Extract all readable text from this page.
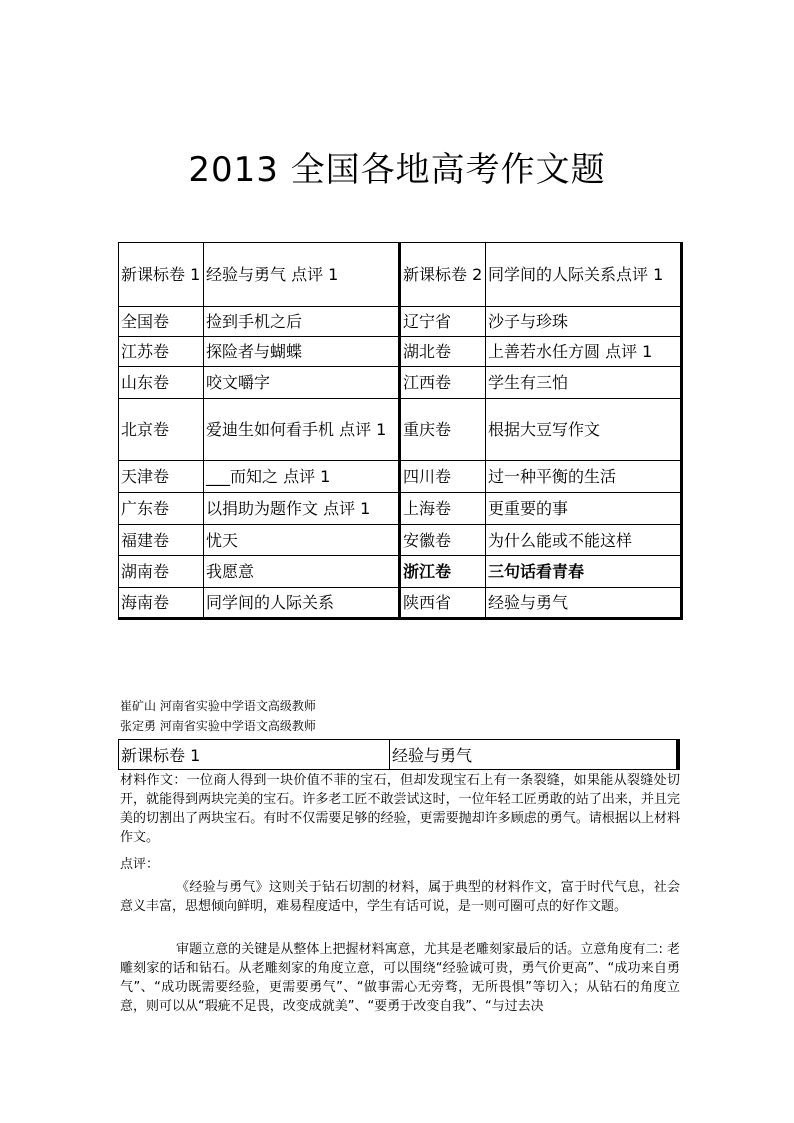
2013 全国各地高考作文题
新课标卷 1	经验与勇气 点评 1	新课标卷 2	同学间的人际关系点评 1
全国卷	捡到手机之后	辽宁省	沙子与珍珠
江苏卷	探险者与蝴蝶	湖北卷	上善若水任方圆 点评 1
山东卷	咬文嚼字	江西卷	学生有三怕
北京卷	爱迪生如何看手机 点评 1	重庆卷	根据大豆写作文
天津卷	___而知之 点评 1	四川卷	过一种平衡的生活
广东卷	以捐助为题作文 点评 1	上海卷	更重要的事
福建卷	忧天	安徽卷	为什么能或不能这样
湖南卷	我愿意	浙江卷	三句话看青春
海南卷	同学间的人际关系	陕西省	经验与勇气
崔矿山 河南省实验中学语文高级教师
张定勇 河南省实验中学语文高级教师
新课标卷 1	经验与勇气
材料作文：一位商人得到一块价值不菲的宝石，但却发现宝石上有一条裂缝，如果能从裂缝处切开，就能得到两块完美的宝石。许多老工匠不敢尝试这时，一位年轻工匠勇敢的站了出来，并且完美的切割出了两块宝石。有时不仅需要足够的经验，更需要抛却许多顾虑的勇气。请根据以上材料作文。
点评：
《经验与勇气》这则关于钻石切割的材料，属于典型的材料作文，富于时代气息，社会意义丰富，思想倾向鲜明，难易程度适中，学生有话可说，是一则可圈可点的好作文题。
审题立意的关键是从整体上把握材料寓意，尤其是老雕刻家最后的话。立意角度有二: 老雕刻家的话和钻石。从老雕刻家的角度立意，可以围绕“经验诚可贵，勇气价更高”、“成功来自勇气”、“成功既需要经验，更需要勇气”、“做事需心无旁骛，无所畏惧”等切入；从钻石的角度立意，则可以从“瑕疵不足畏，改变成就美”、“要勇于改变自我”、“与过去决
